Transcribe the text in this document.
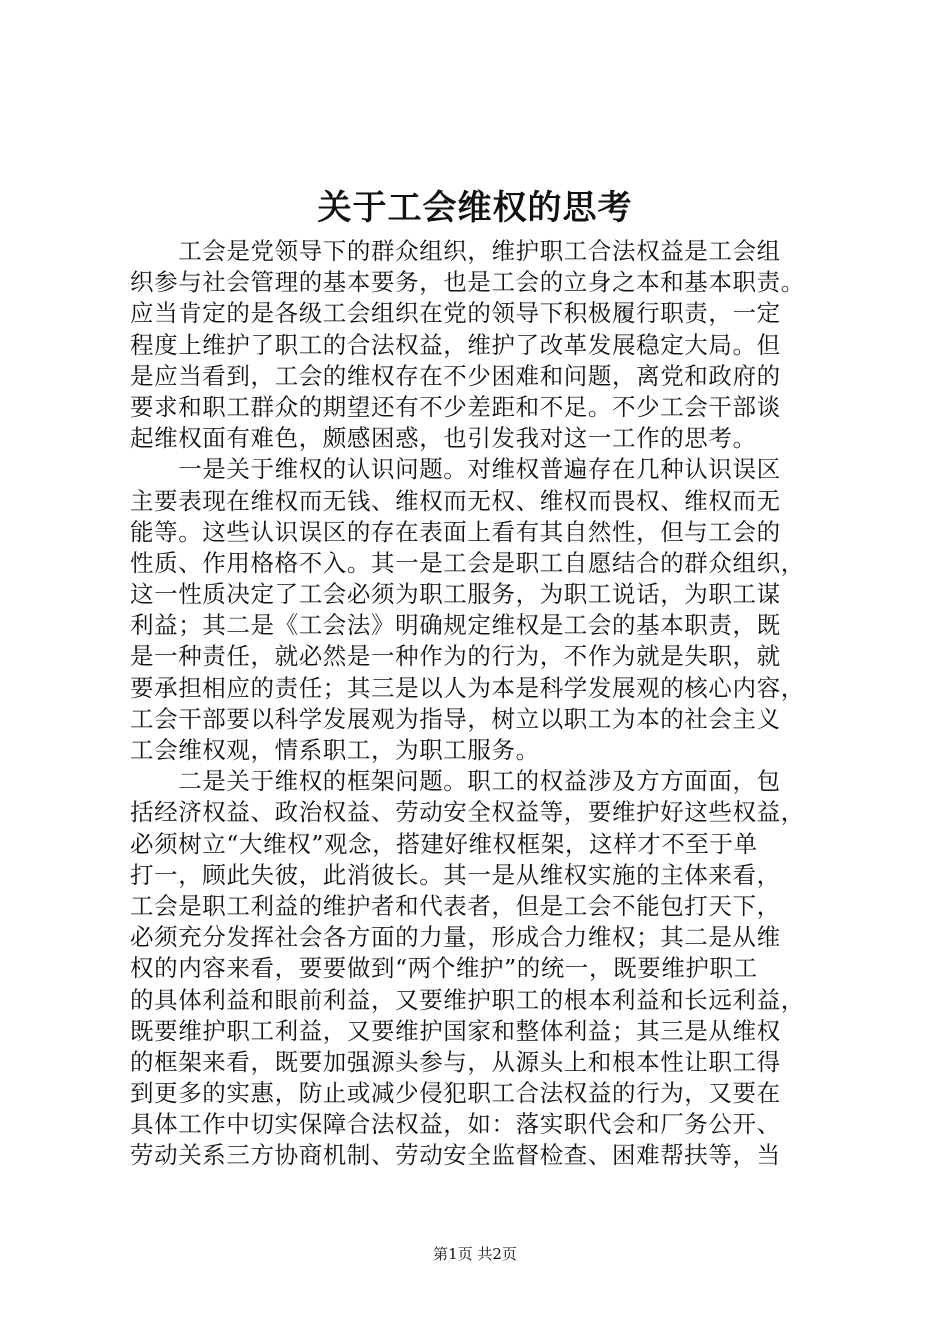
关于工会维权的思考
　　工会是党领导下的群众组织，维护职工合法权益是工会组
织参与社会管理的基本要务，也是工会的立身之本和基本职责。
应当肯定的是各级工会组织在党的领导下积极履行职责，一定
程度上维护了职工的合法权益，维护了改革发展稳定大局。但
是应当看到，工会的维权存在不少困难和问题，离党和政府的
要求和职工群众的期望还有不少差距和不足。不少工会干部谈
起维权面有难色，颇感困惑，也引发我对这一工作的思考。
　　一是关于维权的认识问题。对维权普遍存在几种认识误区
主要表现在维权而无钱、维权而无权、维权而畏权、维权而无
能等。这些认识误区的存在表面上看有其自然性，但与工会的
性质、作用格格不入。其一是工会是职工自愿结合的群众组织，
这一性质决定了工会必须为职工服务，为职工说话，为职工谋
利益；其二是《工会法》明确规定维权是工会的基本职责，既
是一种责任，就必然是一种作为的行为，不作为就是失职，就
要承担相应的责任；其三是以人为本是科学发展观的核心内容，
工会干部要以科学发展观为指导，树立以职工为本的社会主义
工会维权观，情系职工，为职工服务。
　　二是关于维权的框架问题。职工的权益涉及方方面面，包
括经济权益、政治权益、劳动安全权益等，要维护好这些权益，
必须树立“大维权”观念，搭建好维权框架，这样才不至于单
打一，顾此失彼，此消彼长。其一是从维权实施的主体来看，
工会是职工利益的维护者和代表者，但是工会不能包打天下，
必须充分发挥社会各方面的力量，形成合力维权；其二是从维
权的内容来看，要要做到“两个维护”的统一，既要维护职工
的具体利益和眼前利益，又要维护职工的根本利益和长远利益，
既要维护职工利益，又要维护国家和整体利益；其三是从维权
的框架来看，既要加强源头参与，从源头上和根本性让职工得
到更多的实惠，防止或减少侵犯职工合法权益的行为，又要在
具体工作中切实保障合法权益，如：落实职代会和厂务公开、
劳动关系三方协商机制、劳动安全监督检查、困难帮扶等，当
第1页 共2页
